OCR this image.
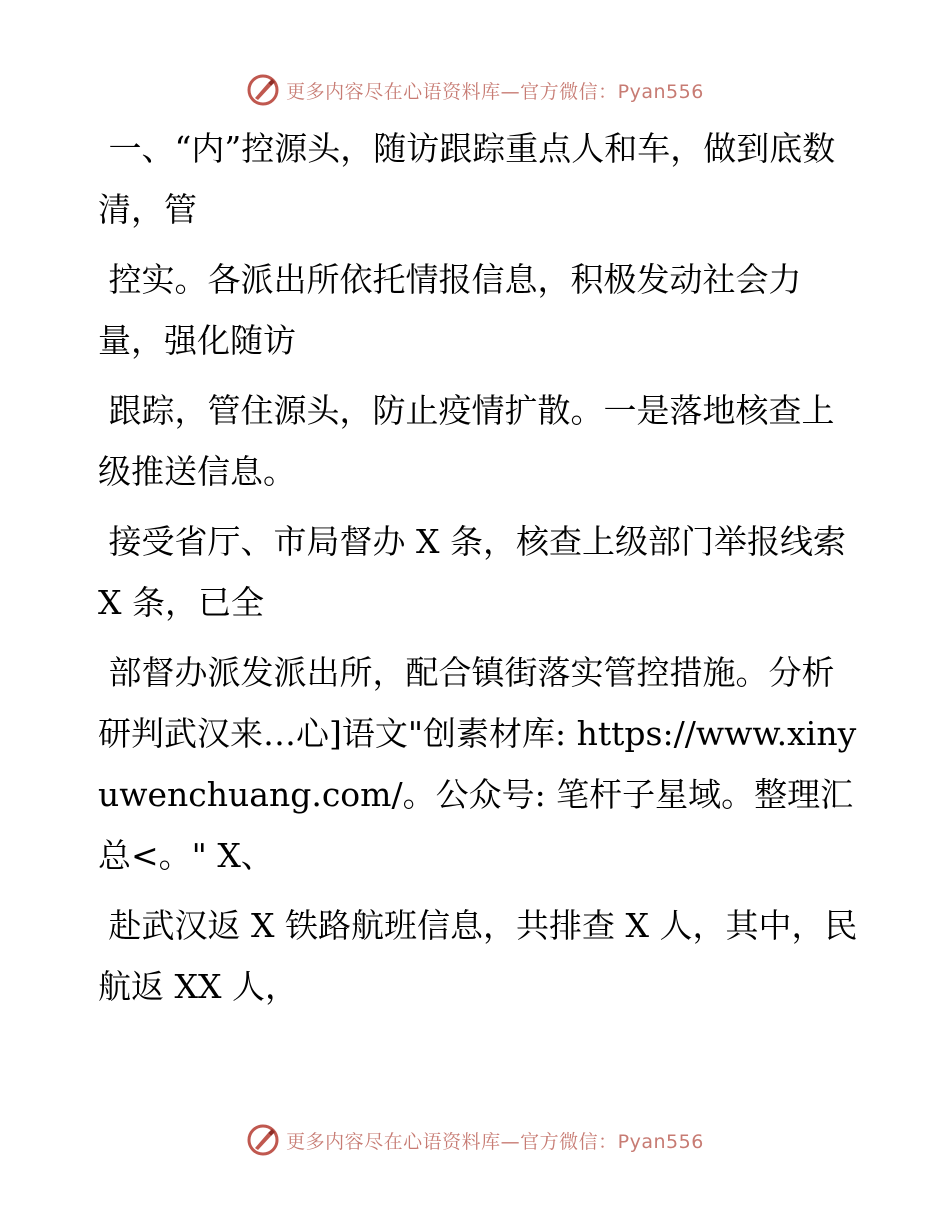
更多内容尽在心语资料库—官方微信：Pyan556

一、“内”控源头，随访跟踪重点人和车，做到底数清，管

控实。各派出所依托情报信息，积极发动社会力量，强化随访

跟踪，管住源头，防止疫情扩散。一是落地核查上级推送信息。

接受省厅、市局督办 X 条，核查上级部门举报线索 X 条，已全

部督办派发派出所，配合镇街落实管控措施。分析研判武汉来…心]语文"创素材库: https://www.xinyuwenchuang.com/。公众号: 笔杆子星域。整理汇总<。" X、

赴武汉返 X 铁路航班信息，共排查 X 人，其中，民航返 XX 人，

更多内容尽在心语资料库—官方微信：Pyan556
